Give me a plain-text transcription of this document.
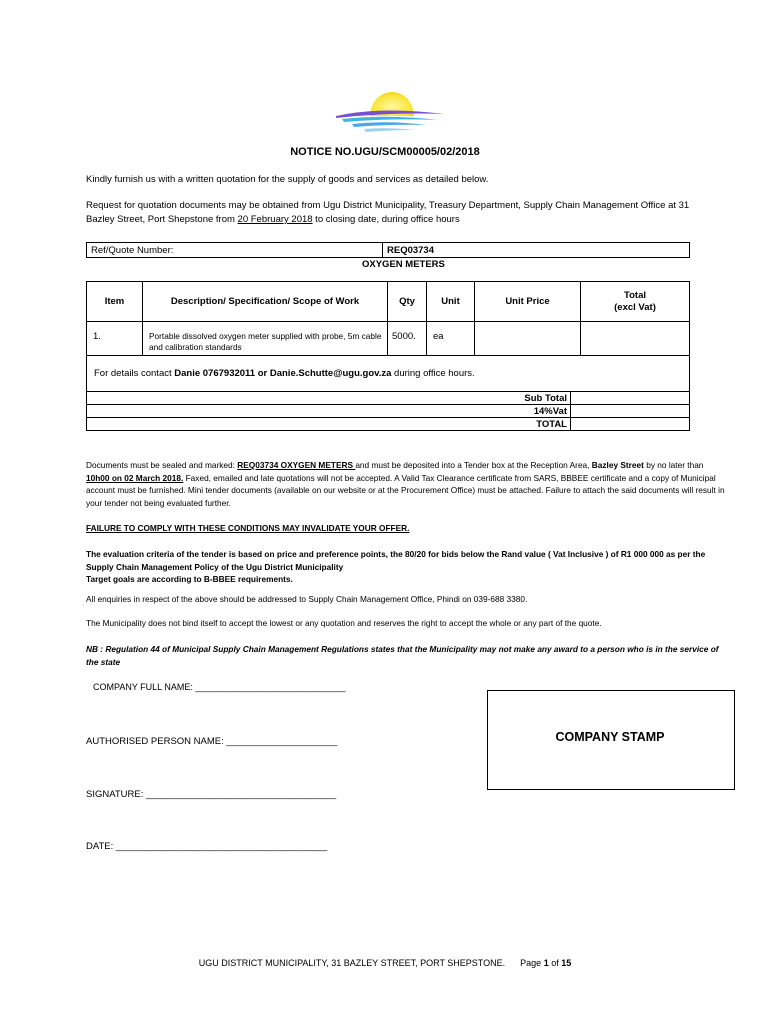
NOTICE NO.UGU/SCM00005/02/2018
Kindly furnish us with a written quotation for the supply of goods and services as detailed below.
Request for quotation documents may be obtained from Ugu District Municipality, Treasury Department, Supply Chain Management Office at 31 Bazley Street, Port Shepstone from 20 February 2018 to closing date, during office hours
Ref/Quote Number:	REQ03734
OXYGEN METERS
Item	Description/ Specification/ Scope of Work	Qty	Unit	Unit Price	Total
(excl Vat)
1.	Portable dissolved oxygen meter supplied with probe, 5m cable and calibration standards	5000.	ea		
For details contact Danie 0767932011 or Danie.Schutte@ugu.gov.za during office hours.
Sub Total	
14%Vat	
TOTAL	
Documents must be sealed and marked: REQ03734 OXYGEN METERS and must be deposited into a Tender box at the Reception Area, Bazley Street by no later than 10h00 on 02 March 2018. Faxed, emailed and late quotations will not be accepted. A Valid Tax Clearance certificate from SARS, BBBEE certificate and a copy of Municipal account must be furnished. Mini tender documents (available on our website or at the Procurement Office) must be attached. Failure to attach the said documents will result in your tender not being evaluated further.
FAILURE TO COMPLY WITH THESE CONDITIONS MAY INVALIDATE YOUR OFFER.
The evaluation criteria of the tender is based on price and preference points, the 80/20 for bids below the Rand value ( Vat Inclusive ) of R1 000 000 as per the
Supply Chain Management Policy of the Ugu District Municipality
Target goals are according to B-BBEE requirements.
All enquiries in respect of the above should be addressed to Supply Chain Management Office, Phindi on 039-688 3380.
The Municipality does not bind itself to accept the lowest or any quotation and reserves the right to accept the whole or any part of the quote.
NB : Regulation 44 of Municipal Supply Chain Management Regulations states that the Municipality may not make any award to a person who is in the service of the state
COMPANY FULL NAME: ______________________________
AUTHORISED PERSON NAME: _____________________
SIGNATURE: ____________________________________
DATE: ________________________________________
COMPANY STAMP
UGU DISTRICT MUNICIPALITY, 31 BAZLEY STREET, PORT SHEPSTONE. Page 1 of 15
